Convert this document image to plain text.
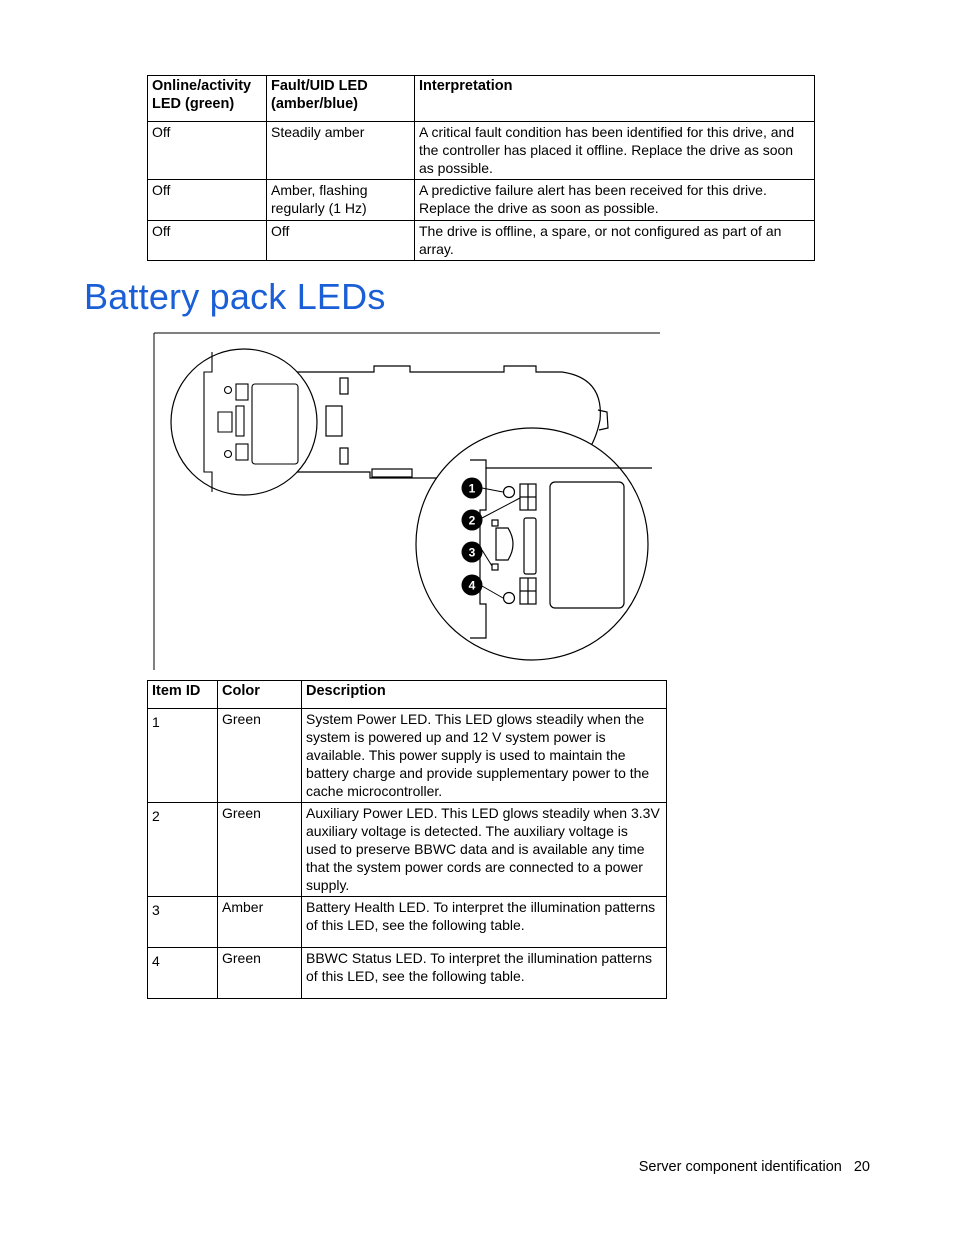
Online/activity LED (green)	Fault/UID LED (amber/blue)	Interpretation
Off	Steadily amber	A critical fault condition has been identified for this drive, and the controller has placed it offline. Replace the drive as soon as possible.
Off	Amber, flashing regularly (1 Hz)	A predictive failure alert has been received for this drive. Replace the drive as soon as possible.
Off	Off	The drive is offline, a spare, or not configured as part of an array.
Battery pack LEDs
1
2
3
4
Item ID	Color	Description
1	Green	System Power LED. This LED glows steadily when the system is powered up and 12 V system power is available. This power supply is used to maintain the battery charge and provide supplementary power to the cache microcontroller.
2	Green	Auxiliary Power LED. This LED glows steadily when 3.3V auxiliary voltage is detected. The auxiliary voltage is used to preserve BBWC data and is available any time that the system power cords are connected to a power supply.
3	Amber	Battery Health LED. To interpret the illumination patterns of this LED, see the following table.
4	Green	BBWC Status LED. To interpret the illumination patterns of this LED, see the following table.
Server component identification 20
